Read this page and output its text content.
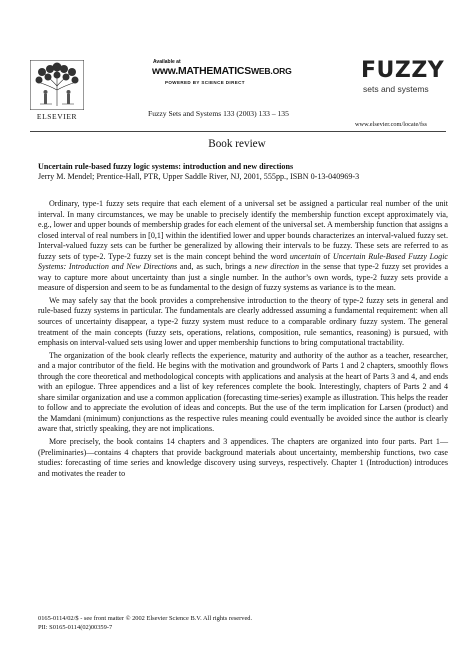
ELSEVIER
Available at
www.MATHEMATICSWEB.ORG
POWERED BY SCIENCE DIRECT
Fuzzy Sets and Systems 133 (2003) 133 – 135
FUZZY
sets and systems
www.elsevier.com/locate/fss
Book review
Uncertain rule-based fuzzy logic systems: introduction and new directions
Jerry M. Mendel; Prentice-Hall, PTR, Upper Saddle River, NJ, 2001, 555pp., ISBN 0-13-040969-3

Ordinary, type-1 fuzzy sets require that each element of a universal set be assigned a particular real number of the unit interval. In many circumstances, we may be unable to precisely identify the membership function except approximately via, e.g., lower and upper bounds of membership grades for each element of the universal set. A membership function that assigns a closed interval of real numbers in [0,1] within the identified lower and upper bounds characterizes an interval-valued fuzzy set. Interval-valued fuzzy sets can be further be generalized by allowing their intervals to be fuzzy. These sets are referred to as fuzzy sets of type-2. Type-2 fuzzy set is the main concept behind the word uncertain of Uncertain Rule-Based Fuzzy Logic Systems: Introduction and New Directions and, as such, brings a new direction in the sense that type-2 fuzzy set provides a way to capture more about uncertainty than just a single number. In the author’s own words, type-2 fuzzy sets provide a measure of dispersion and seem to be as fundamental to the design of fuzzy systems as variance is to the mean.

We may safely say that the book provides a comprehensive introduction to the theory of type-2 fuzzy sets in general and rule-based fuzzy systems in particular. The fundamentals are clearly addressed assuming a fundamental requirement: when all sources of uncertainty disappear, a type-2 fuzzy system must reduce to a comparable ordinary fuzzy system. The general treatment of the main concepts (fuzzy sets, operations, relations, composition, rule semantics, reasoning) is pursued, with emphasis on interval-valued sets using lower and upper membership functions to bring computational tractability.

The organization of the book clearly reflects the experience, maturity and authority of the author as a teacher, researcher, and a major contributor of the field. He begins with the motivation and groundwork of Parts 1 and 2 chapters, smoothly flows through the core theoretical and methodological concepts with applications and analysis at the heart of Parts 3 and 4, and ends with an epilogue. Three appendices and a list of key references complete the book. Interestingly, chapters of Parts 2 and 4 share similar organization and use a common application (forecasting time-series) example as illustration. This helps the reader to follow and to appreciate the evolution of ideas and concepts. But the use of the term implication for Larsen (product) and the Mamdani (minimum) conjunctions as the respective rules meaning could eventually be avoided since the author is clearly aware that, strictly speaking, they are not implications.

More precisely, the book contains 14 chapters and 3 appendices. The chapters are organized into four parts. Part 1—(Preliminaries)—contains 4 chapters that provide background materials about uncertainty, membership functions, two case studies: forecasting of time series and knowledge discovery using surveys, respectively. Chapter 1 (Introduction) introduces and motivates the reader to

0165-0114/02/$ - see front matter © 2002 Elsevier Science B.V. All rights reserved.
PII: S0165-0114(02)00359-7
